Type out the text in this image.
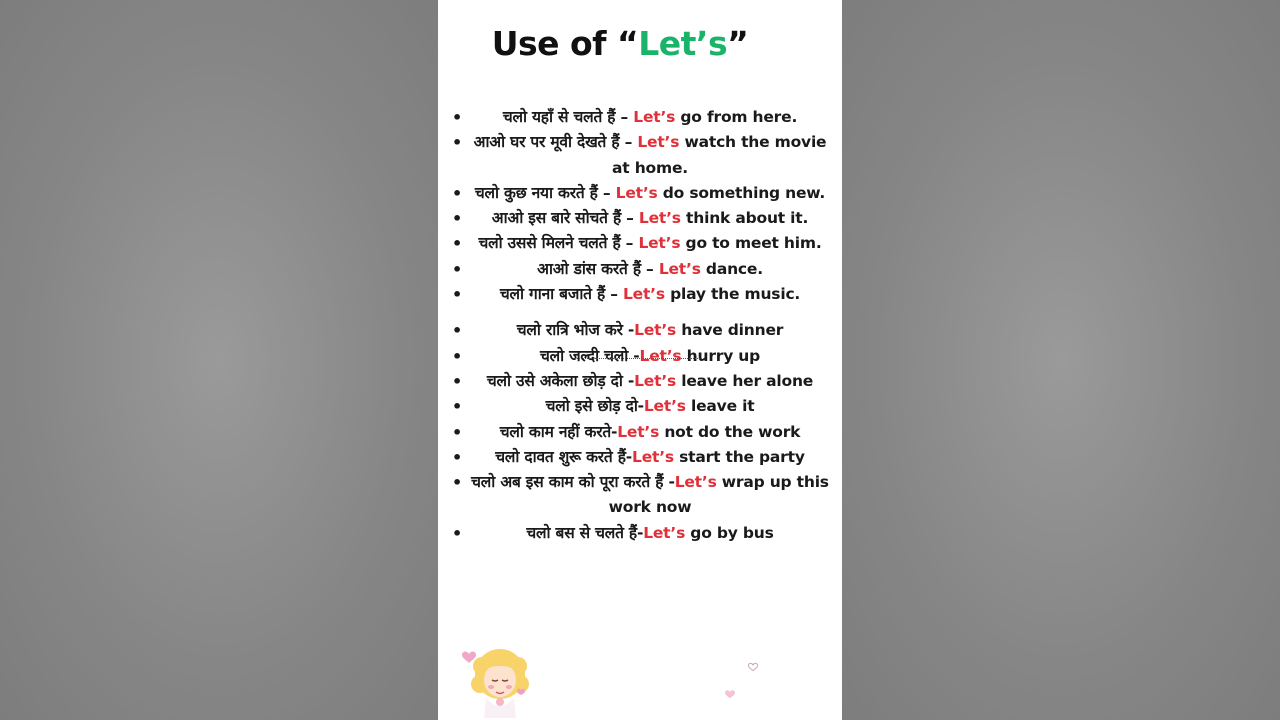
Use of “Let’s”
•	चलो यहाँ से चलते हैं – Let’s go from here.
• आओ घर पर मूवी देखते हैं – Let’s watch the movie at home.
• चलो कुछ नया करते हैं – Let’s do something new.
• आओ इस बारे सोचते हैं – Let’s think about it.
• चलो उससे मिलने चलते हैं – Let’s go to meet him.
•	आओ डांस करते हैं – Let’s dance.
• चलो गाना बजाते हैं – Let’s play the music.
•	चलो रात्रि भोज करे -Let’s have dinner
•	चलो जल्दी चलो -Let’s hurry up
• चलो उसे अकेला छोड़ दो -Let’s leave her alone
•	चलो इसे छोड़ दो-Let’s leave it
• चलो काम नहीं करते-Let’s not do the work
• चलो दावत शुरू करते हैं-Let’s start the party
• चलो अब इस काम को पूरा करते हैं -Let’s wrap up this work now
•	चलो बस से चलते हैं-Let’s go by bus
